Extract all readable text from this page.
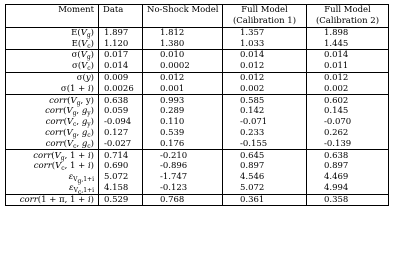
Moment	Data	No-Shock Model	Full Model	Full Model
			(Calibration 1)	(Calibration 2)
$E(V_g)$	1.897	1.812	1.357	1.898
$E(V_c)$	1.120	1.380	1.033	1.445
$\sigma(V_g)$	0.017	0.010	0.014	0.014
$\sigma(V_c)$	0.014	0.0002	0.012	0.011
σ(y)	0.009	0.012	0.012	0.012
σ(1 + i)	0.0026	0.001	0.002	0.002
$corr(V_g$, y)	0.638	0.993	0.585	0.602
$corr(V_g$, $g_y$)	0.059	0.289	0.142	0.145
$corr(V_c$, $g_y$)	-0.094	0.110	-0.071	-0.070
$corr(V_g$, $g_c$)	0.127	0.539	0.233	0.262
$corr(V_c$, $g_c$)	-0.027	0.176	-0.155	-0.139
$corr(V_g$, 1 + i)	0.714	-0.210	0.645	0.638
$corr(V_c$, 1 + i)	0.690	-0.896	0.897	0.897
$\varepsilon_{V_g,1+i}$	5.072	-1.747	4.546	4.469
$\varepsilon_{V_c,1+i}$	4.158	-0.123	5.072	4.994
corr(1 + π, 1 + i)	0.529	0.768	0.361	0.358
